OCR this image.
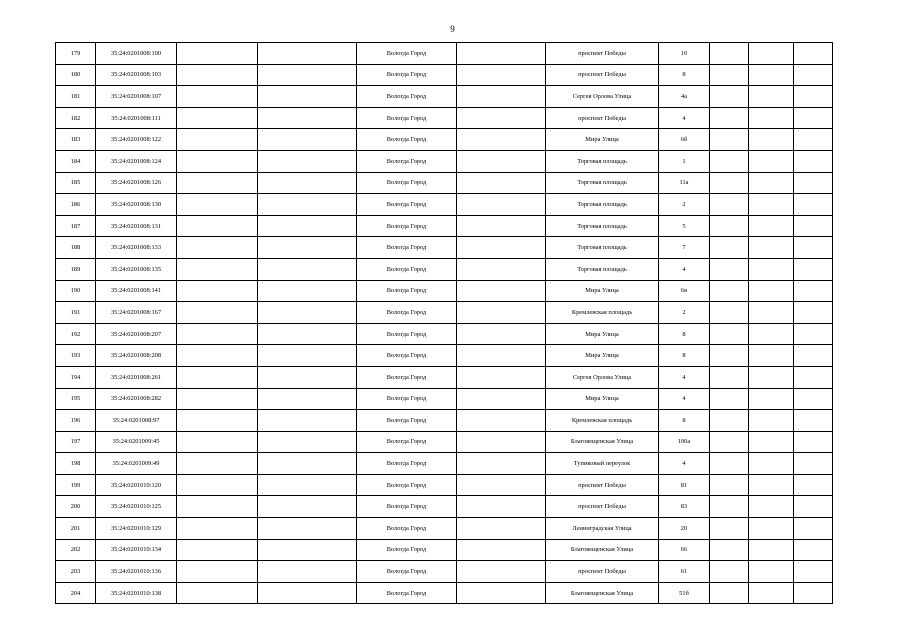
9
179	35:24:0201008:100			Вологда Город		проспект Победы	10			
180	35:24:0201008:103			Вологда Город		проспект Победы	8			
181	35:24:0201008:107			Вологда Город		Сергея Орлова Улица	4а			
182	35:24:0201008:111			Вологда Город		проспект Победы	4			
183	35:24:0201008:122			Вологда Город		Мира Улица	6б			
184	35:24:0201008:124			Вологда Город		Торговая площадь	1			
185	35:24:0201008:126			Вологда Город		Торговая площадь	11а			
186	35:24:0201008:130			Вологда Город		Торговая площадь	2			
187	35:24:0201008:131			Вологда Город		Торговая площадь	5			
188	35:24:0201008:133			Вологда Город		Торговая площадь	7			
189	35:24:0201008:135			Вологда Город		Торговая площадь	4			
190	35:24:0201008:141			Вологда Город		Мира Улица	6в			
191	35:24:0201008:167			Вологда Город		Кремлевская площадь	2			
192	35:24:0201008:207			Вологда Город		Мира Улица	8			
193	35:24:0201008:208			Вологда Город		Мира Улица	8			
194	35:24:0201008:261			Вологда Город		Сергея Орлова Улица	4			
195	35:24:0201008:282			Вологда Город		Мира Улица	4			
196	35:24:0201008:97			Вологда Город		Кремлевская площадь	8			
197	35:24:0201009:45			Вологда Город		Благовещенская Улица	100а			
198	35:24:0201009:49			Вологда Город		Тупиковый переулок	4			
199	35:24:0201010:120			Вологда Город		проспект Победы	81			
200	35:24:0201010:125			Вологда Город		проспект Победы	83			
201	35:24:0201010:129			Вологда Город		Ленинградская Улица	20			
202	35:24:0201010:134			Вологда Город		Благовещенская Улица	66			
203	35:24:0201010:136			Вологда Город		проспект Победы	61			
204	35:24:0201010:138			Вологда Город		Благовещенская Улица	51б			
